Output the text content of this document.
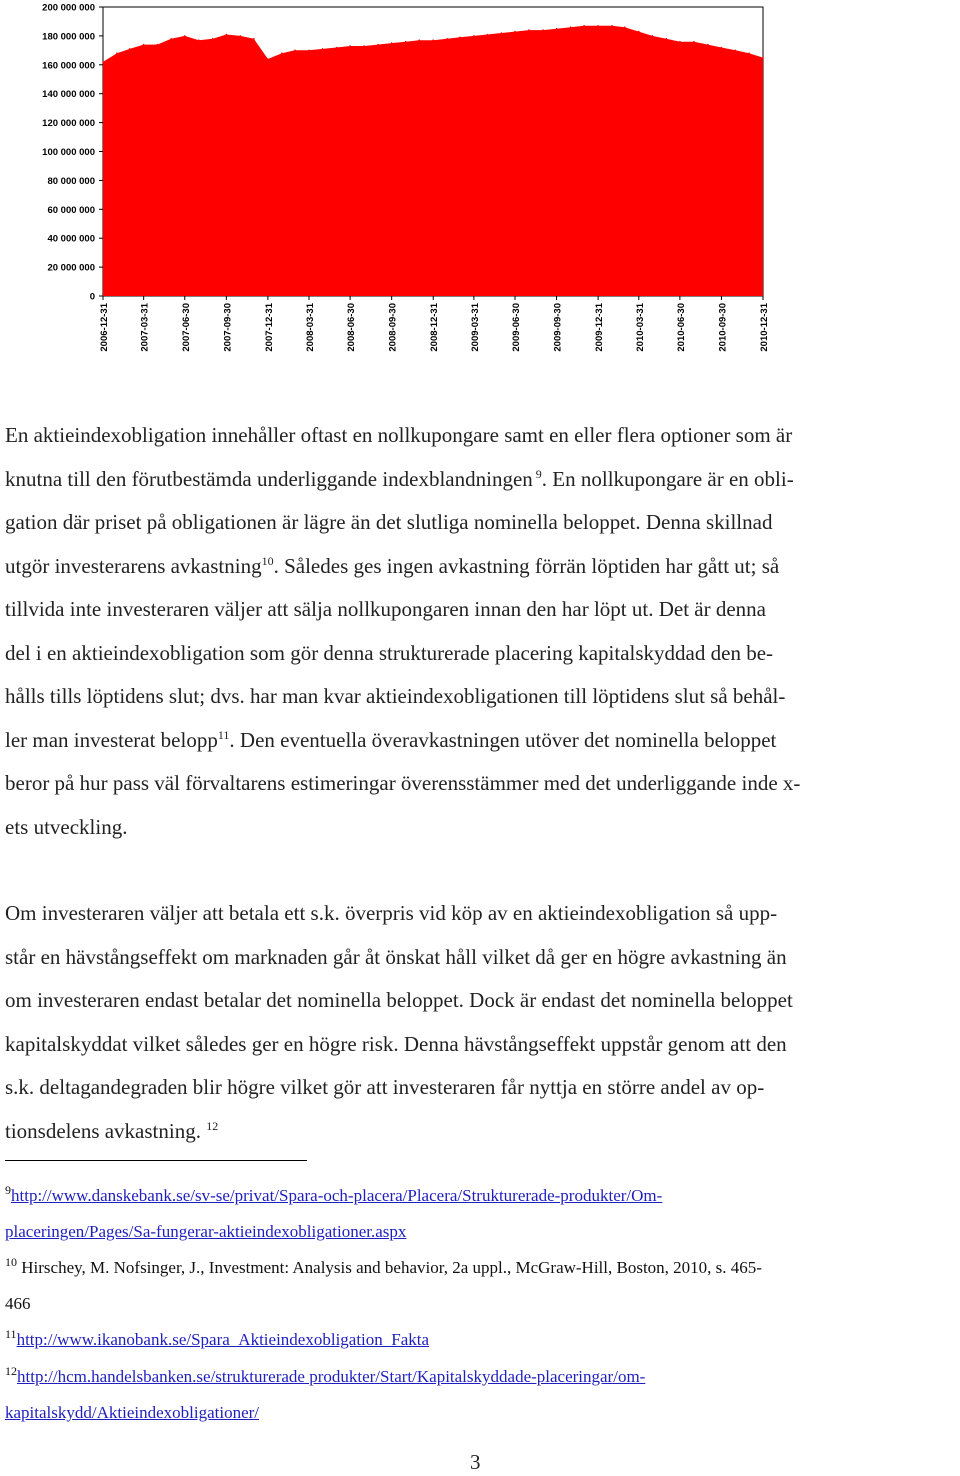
200 000 000
180 000 000
160 000 000
140 000 000
120 000 000
100 000 000
80 000 000
60 000 000
40 000 000
20 000 000
0
2006-12-31	2007-03-31	2007-06-30	2007-09-30	2007-12-31	2008-03-31	2008-06-30	2008-09-30	2008-12-31	2009-03-31	2009-06-30	2009-09-30	2009-12-31	2010-03-31	2010-06-30	2010-09-30	2010-12-31
En aktieindexobligation innehåller oftast en nollkupongare samt en eller flera optioner som är
knutna till den förutbestämda underliggande indexblandningen $^9$. En nollkupongare är en obli-
gation där priset på obligationen är lägre än det slutliga nominella beloppet. Denna skillnad
utgör investerarens avkastning$^{10}$. Således ges ingen avkastning förrän löptiden har gått ut; så
tillvida inte investeraren väljer att sälja nollkupongaren innan den har löpt ut. Det är denna
del i en aktieindexobligation som gör denna strukturerade placering kapitalskyddad den be-
hålls tills löptidens slut; dvs. har man kvar aktieindexobligationen till löptidens slut så behål-
ler man investerat belopp$^{11}$. Den eventuella överavkastningen utöver det nominella beloppet
beror på hur pass väl förvaltarens estimeringar överensstämmer med det underliggande inde x-
ets utveckling.
Om investeraren väljer att betala ett s.k. överpris vid köp av en aktieindexobligation så upp-
står en hävstångseffekt om marknaden går åt önskat håll vilket då ger en högre avkastning än
om investeraren endast betalar det nominella beloppet. Dock är endast det nominella beloppet
kapitalskyddat vilket således ger en högre risk. Denna hävstångseffekt uppstår genom att den
s.k. deltagandegraden blir högre vilket gör att investeraren får nyttja en större andel av op-
tionsdelens avkastning. $^{12}$
$^9$http://www.danskebank.se/sv-se/privat/Spara-och-placera/Placera/Strukturerade-produkter/Om-
placeringen/Pages/Sa-fungerar-aktieindexobligationer.aspx
$^{10}$ Hirschey, M. Nofsinger, J., Investment: Analysis and behavior, 2a uppl., McGraw-Hill, Boston, 2010, s. 465-
466
$^{11}$http://www.ikanobank.se/Spara_Aktieindexobligation_Fakta
$^{12}$http://hcm.handelsbanken.se/strukturerade produkter/Start/Kapitalskyddade-placeringar/om-
kapitalskydd/Aktieindexobligationer/
3
